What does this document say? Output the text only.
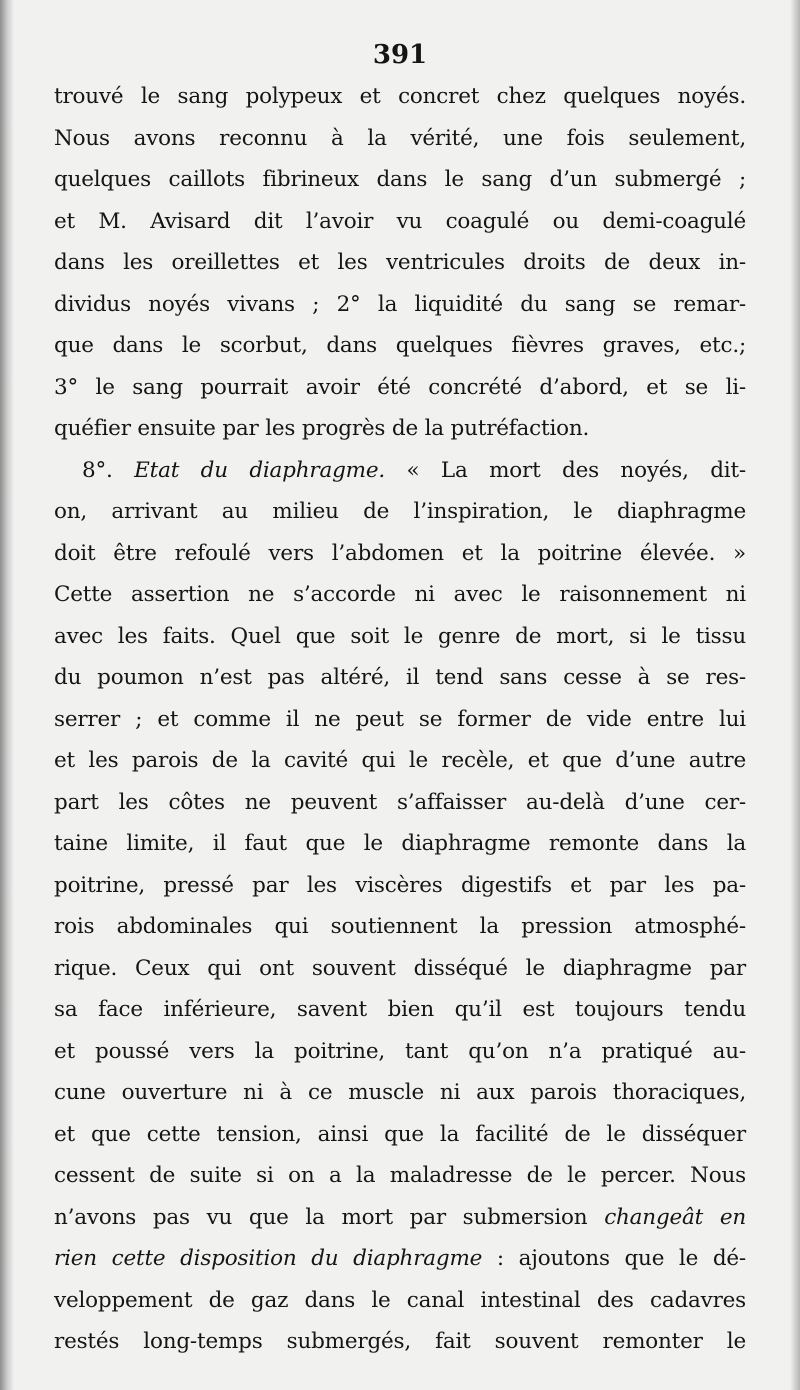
391
trouvé le sang polypeux et concret chez quelques noyés.
Nous avons reconnu à la vérité, une fois seulement,
quelques caillots fibrineux dans le sang d’un submergé ;
et M. Avisard dit l’avoir vu coagulé ou demi-coagulé
dans les oreillettes et les ventricules droits de deux in-
dividus noyés vivans ; 2° la liquidité du sang se remar-
que dans le scorbut, dans quelques fièvres graves, etc.;
3° le sang pourrait avoir été concrété d’abord, et se li-
quéfier ensuite par les progrès de la putréfaction.
8°. Etat du diaphragme. « La mort des noyés, dit-
on, arrivant au milieu de l’inspiration, le diaphragme
doit être refoulé vers l’abdomen et la poitrine élevée. »
Cette assertion ne s’accorde ni avec le raisonnement ni
avec les faits. Quel que soit le genre de mort, si le tissu
du poumon n’est pas altéré, il tend sans cesse à se res-
serrer ; et comme il ne peut se former de vide entre lui
et les parois de la cavité qui le recèle, et que d’une autre
part les côtes ne peuvent s’affaisser au-delà d’une cer-
taine limite, il faut que le diaphragme remonte dans la
poitrine, pressé par les viscères digestifs et par les pa-
rois abdominales qui soutiennent la pression atmosphé-
rique. Ceux qui ont souvent disséqué le diaphragme par
sa face inférieure, savent bien qu’il est toujours tendu
et poussé vers la poitrine, tant qu’on n’a pratiqué au-
cune ouverture ni à ce muscle ni aux parois thoraciques,
et que cette tension, ainsi que la facilité de le disséquer
cessent de suite si on a la maladresse de le percer. Nous
n’avons pas vu que la mort par submersion changeât en
rien cette disposition du diaphragme : ajoutons que le dé-
veloppement de gaz dans le canal intestinal des cadavres
restés long-temps submergés, fait souvent remonter le
